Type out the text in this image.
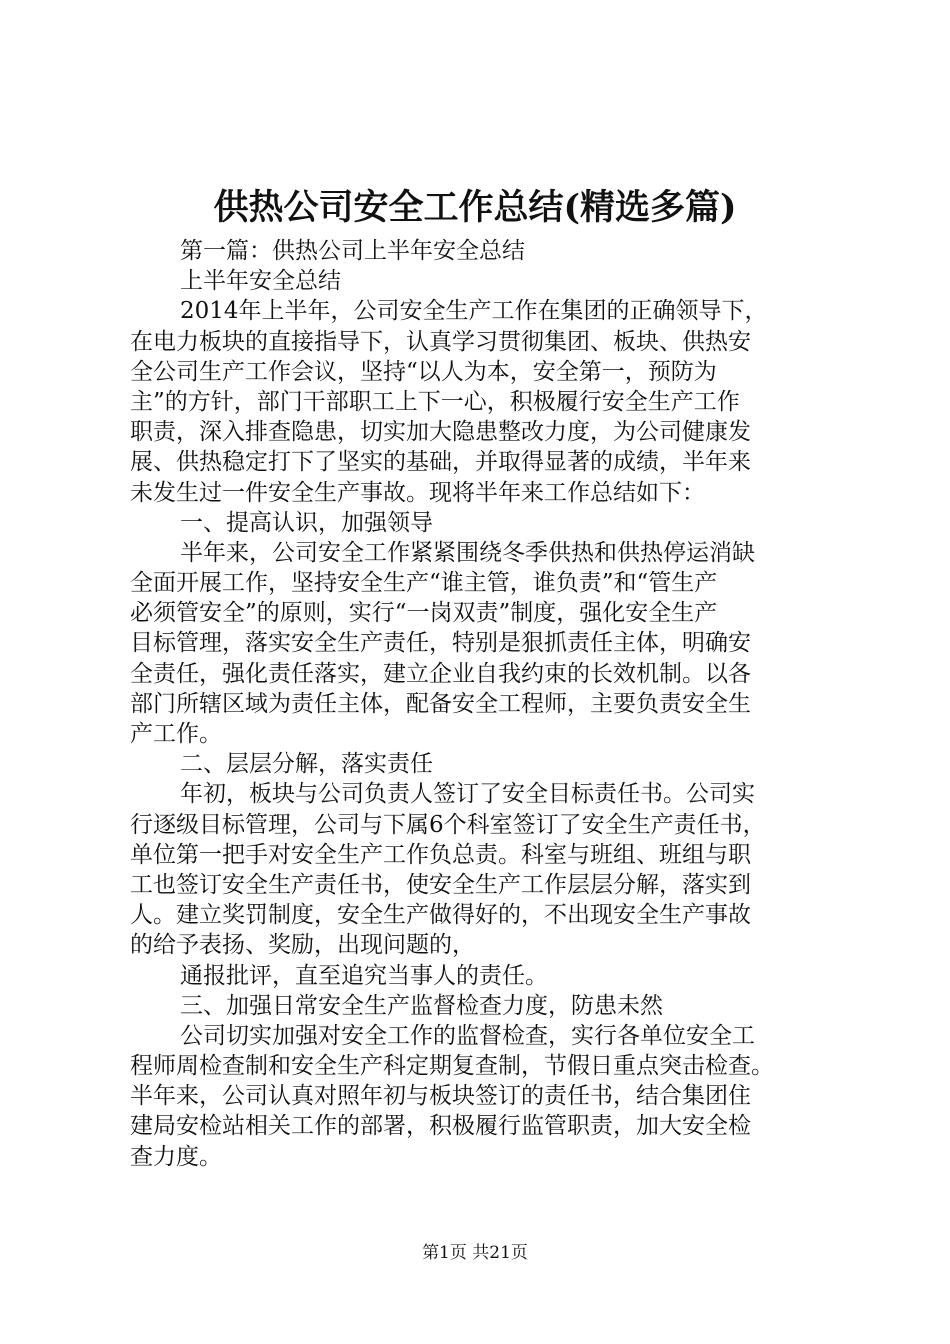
供热公司安全工作总结(精选多篇)
第一篇：供热公司上半年安全总结
上半年安全总结
2014年上半年，公司安全生产工作在集团的正确领导下，
在电力板块的直接指导下，认真学习贯彻集团、板块、供热安
全公司生产工作会议，坚持“以人为本，安全第一，预防为
主”的方针，部门干部职工上下一心，积极履行安全生产工作
职责，深入排查隐患，切实加大隐患整改力度，为公司健康发
展、供热稳定打下了坚实的基础，并取得显著的成绩，半年来
未发生过一件安全生产事故。现将半年来工作总结如下：
一、提高认识，加强领导
半年来，公司安全工作紧紧围绕冬季供热和供热停运消缺
全面开展工作，坚持安全生产“谁主管，谁负责”和“管生产
必须管安全”的原则，实行“一岗双责”制度，强化安全生产
目标管理，落实安全生产责任，特别是狠抓责任主体，明确安
全责任，强化责任落实，建立企业自我约束的长效机制。以各
部门所辖区域为责任主体，配备安全工程师，主要负责安全生
产工作。
二、层层分解，落实责任
年初，板块与公司负责人签订了安全目标责任书。公司实
行逐级目标管理，公司与下属6个科室签订了安全生产责任书，
单位第一把手对安全生产工作负总责。科室与班组、班组与职
工也签订安全生产责任书，使安全生产工作层层分解，落实到
人。建立奖罚制度，安全生产做得好的，不出现安全生产事故
的给予表扬、奖励，出现问题的，
通报批评，直至追究当事人的责任。
三、加强日常安全生产监督检查力度，防患未然
公司切实加强对安全工作的监督检查，实行各单位安全工
程师周检查制和安全生产科定期复查制，节假日重点突击检查。
半年来，公司认真对照年初与板块签订的责任书，结合集团住
建局安检站相关工作的部署，积极履行监管职责，加大安全检
查力度。
第1页 共21页
